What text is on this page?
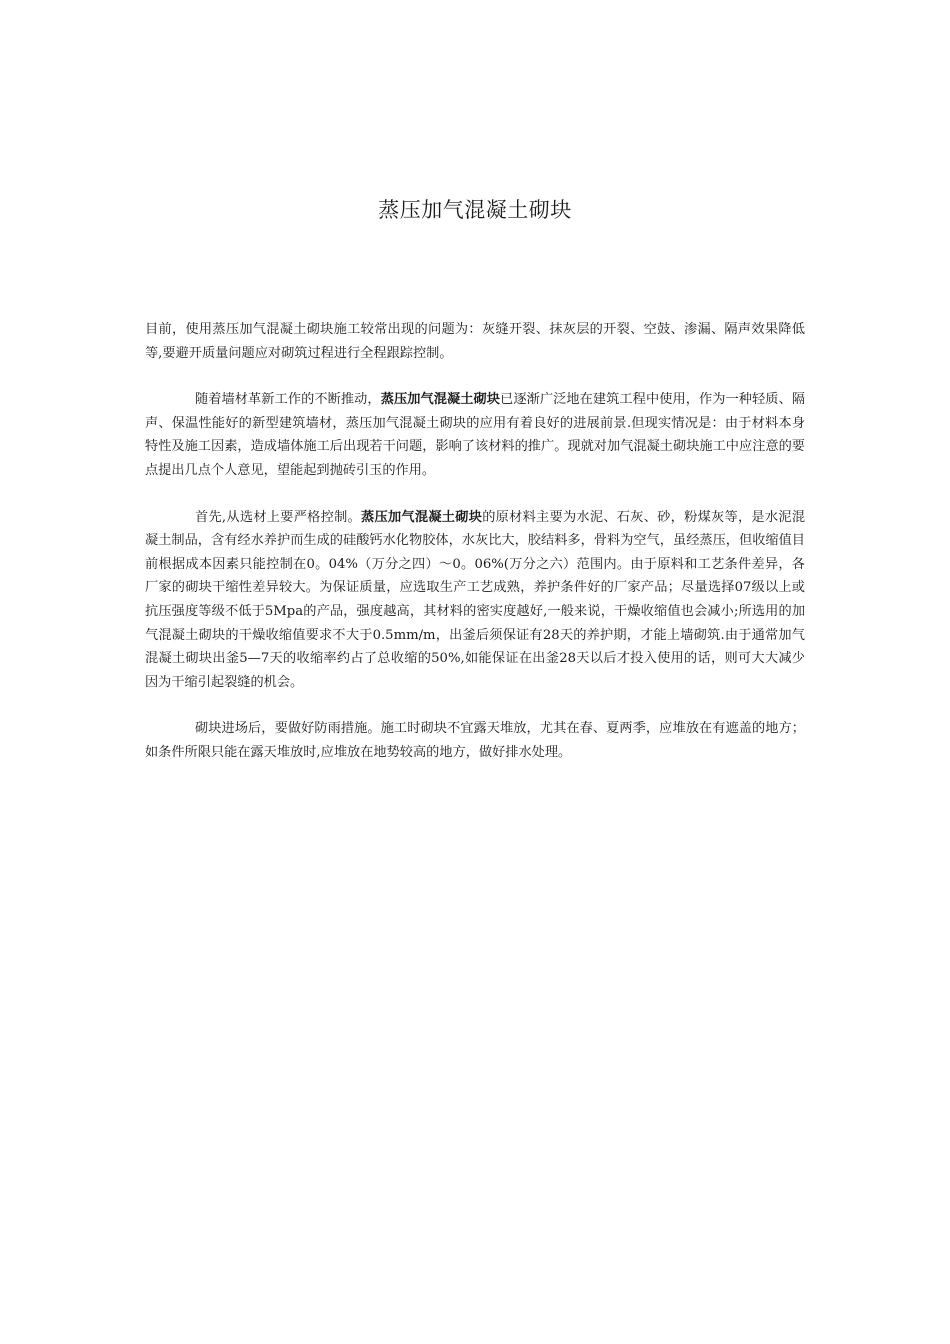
蒸压加气混凝土砌块

目前，使用蒸压加气混凝土砌块施工较常出现的问题为：灰缝开裂、抹灰层的开裂、空鼓、渗漏、隔声效果降低等,要避开质量问题应对砌筑过程进行全程跟踪控制。

随着墙材革新工作的不断推动，蒸压加气混凝土砌块已逐渐广泛地在建筑工程中使用，作为一种轻质、隔声、保温性能好的新型建筑墙材，蒸压加气混凝土砌块的应用有着良好的进展前景.但现实情况是：由于材料本身特性及施工因素，造成墙体施工后出现若干问题，影响了该材料的推广。现就对加气混凝土砌块施工中应注意的要点提出几点个人意见，望能起到抛砖引玉的作用。

首先,从选材上要严格控制。蒸压加气混凝土砌块的原材料主要为水泥、石灰、砂，粉煤灰等，是水泥混凝土制品，含有经水养护而生成的硅酸钙水化物胶体，水灰比大，胶结料多，骨料为空气，虽经蒸压，但收缩值目前根据成本因素只能控制在0。04%（万分之四）～0。06%(万分之六）范围内。由于原料和工艺条件差异，各厂家的砌块干缩性差异较大。为保证质量，应选取生产工艺成熟，养护条件好的厂家产品；尽量选择07级以上或抗压强度等级不低于5Mpa的产品，强度越高，其材料的密实度越好,一般来说，干燥收缩值也会减小;所选用的加气混凝土砌块的干燥收缩值要求不大于0.5mm/m，出釜后须保证有28天的养护期，才能上墙砌筑.由于通常加气混凝土砌块出釜5—7天的收缩率约占了总收缩的50%,如能保证在出釜28天以后才投入使用的话，则可大大减少因为干缩引起裂缝的机会。

砌块进场后，要做好防雨措施。施工时砌块不宜露天堆放，尤其在春、夏两季，应堆放在有遮盖的地方；如条件所限只能在露天堆放时,应堆放在地势较高的地方，做好排水处理。
